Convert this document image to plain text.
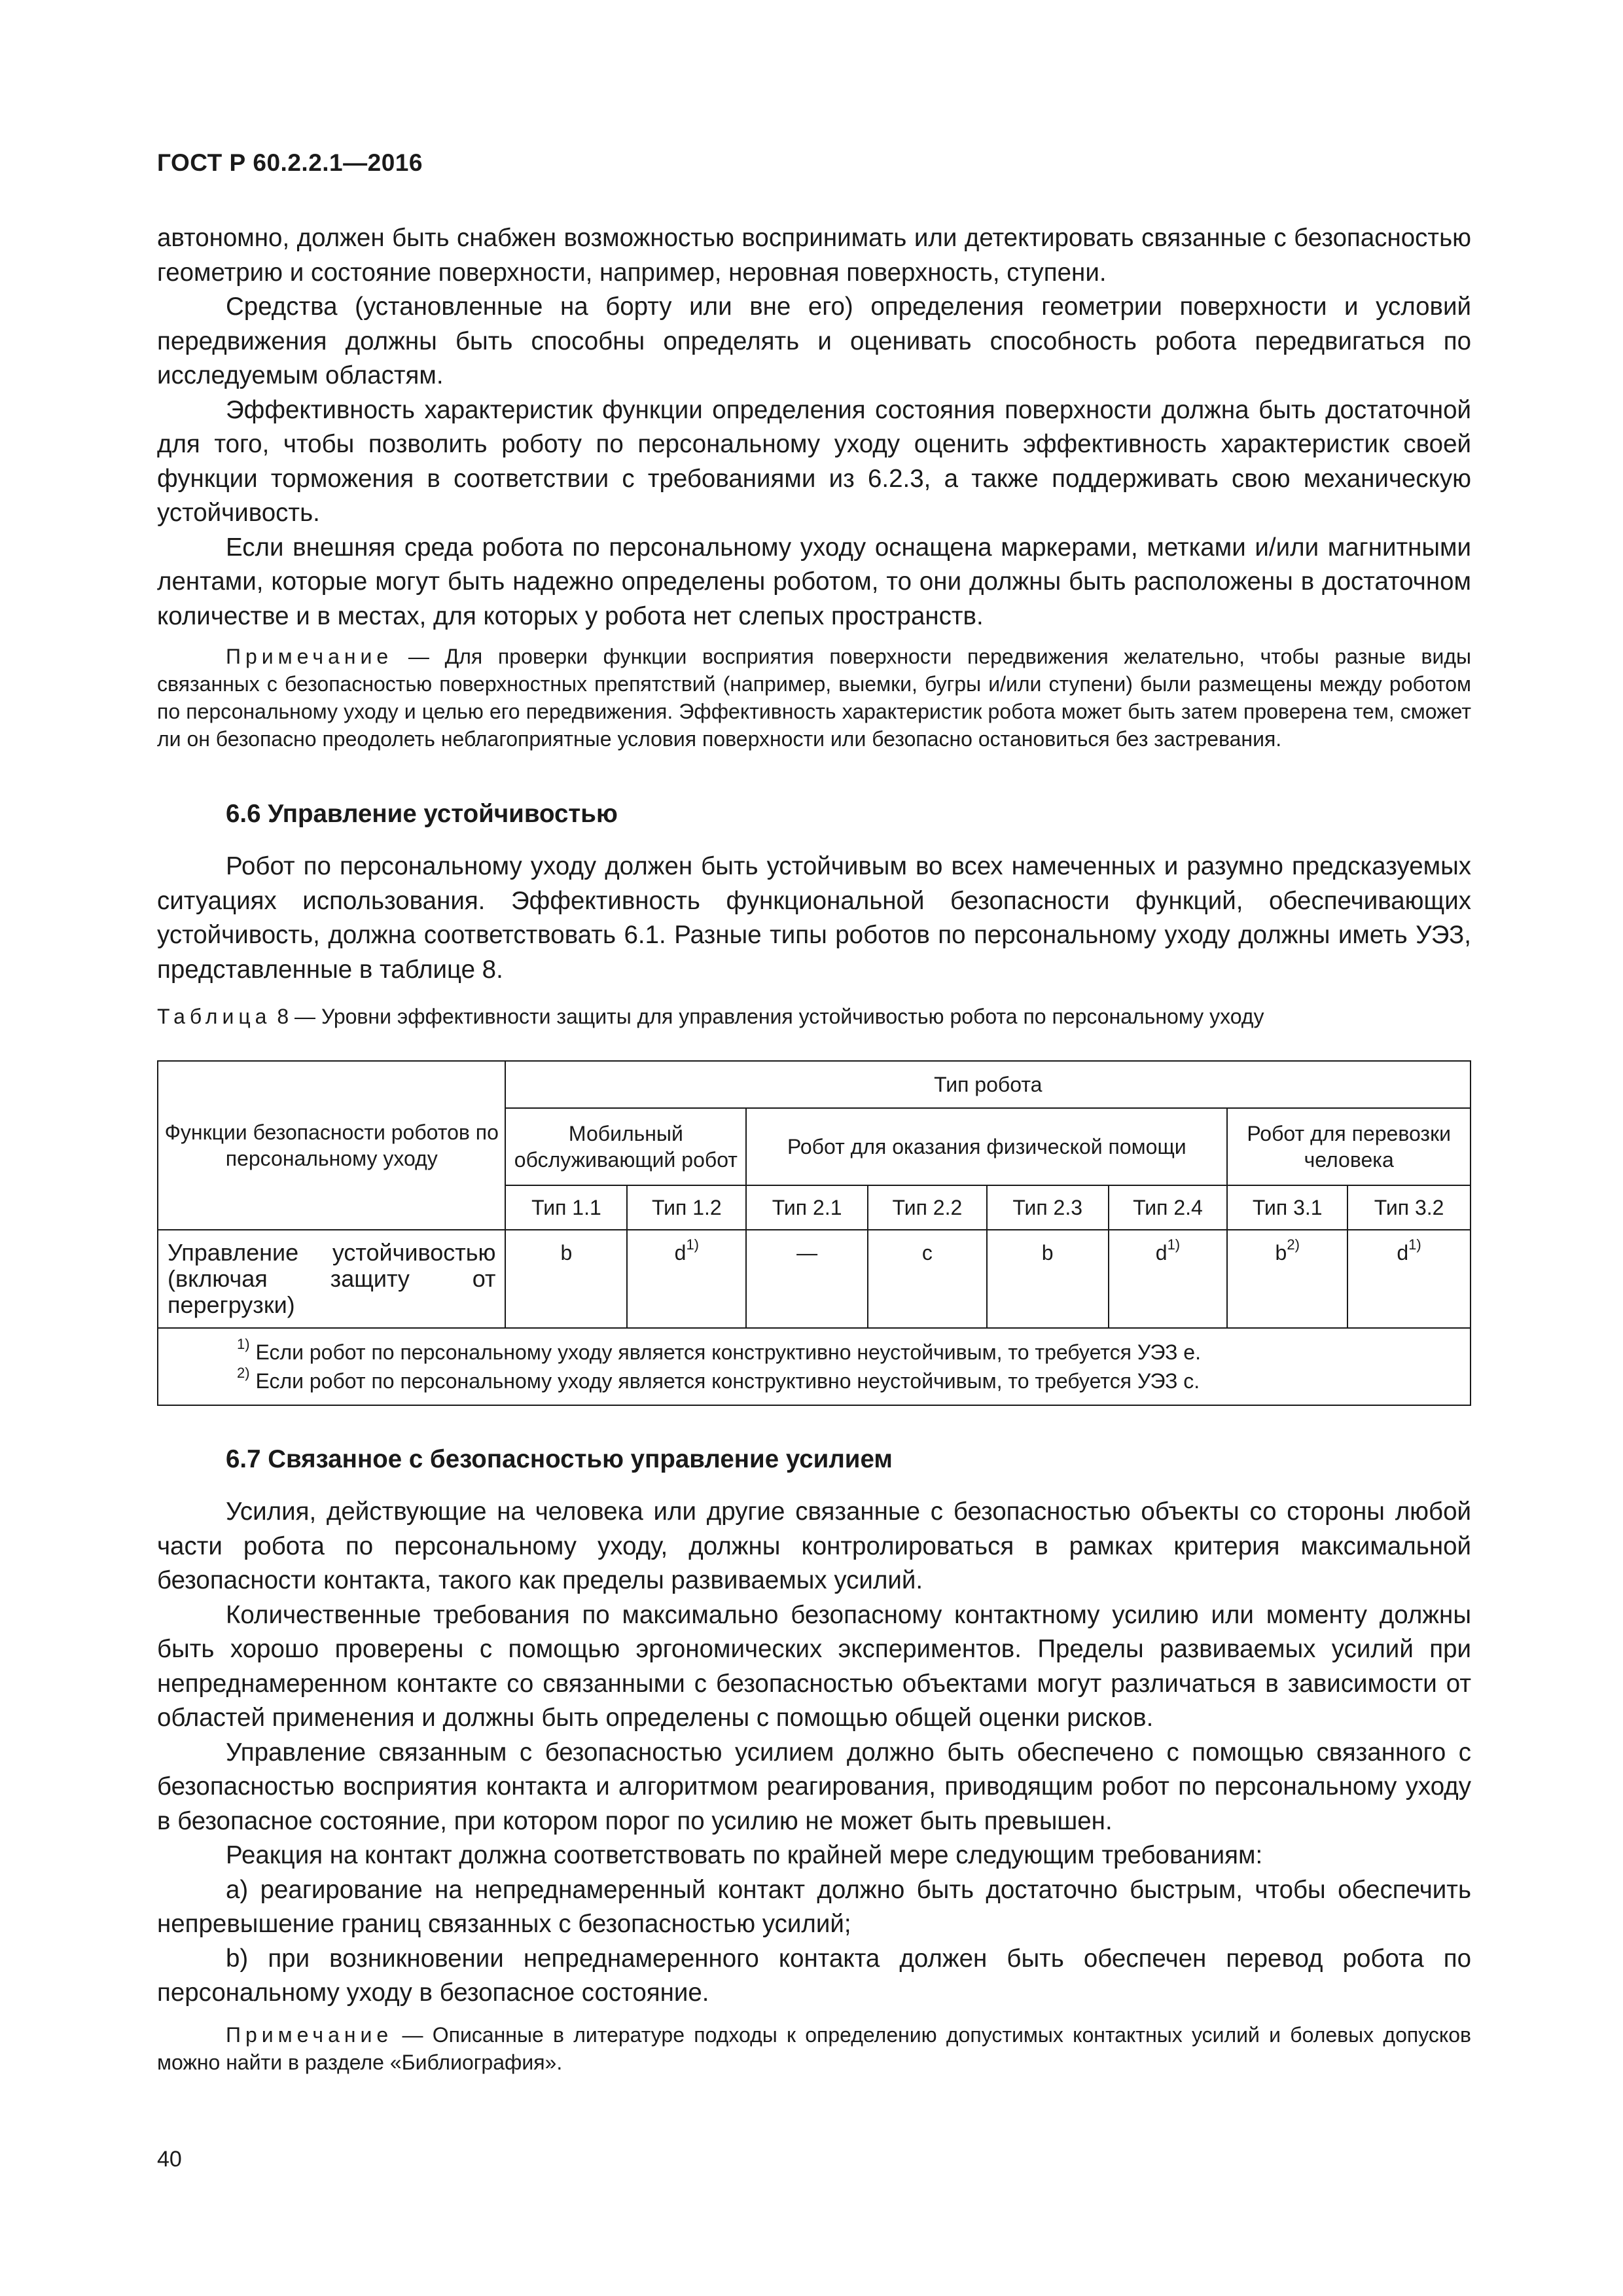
ГОСТ Р 60.2.2.1—2016

автономно, должен быть снабжен возможностью воспринимать или детектировать связанные с безопасностью геометрию и состояние поверхности, например, неровная поверхность, ступени.

Средства (установленные на борту или вне его) определения геометрии поверхности и условий передвижения должны быть способны определять и оценивать способность робота передвигаться по исследуемым областям.

Эффективность характеристик функции определения состояния поверхности должна быть достаточной для того, чтобы позволить роботу по персональному уходу оценить эффективность характеристик своей функции торможения в соответствии с требованиями из 6.2.3, а также поддерживать свою механическую устойчивость.

Если внешняя среда робота по персональному уходу оснащена маркерами, метками и/или магнитными лентами, которые могут быть надежно определены роботом, то они должны быть расположены в достаточном количестве и в местах, для которых у робота нет слепых пространств.

Примечание — Для проверки функции восприятия поверхности передвижения желательно, чтобы разные виды связанных с безопасностью поверхностных препятствий (например, выемки, бугры и/или ступени) были размещены между роботом по персональному уходу и целью его передвижения. Эффективность характеристик робота может быть затем проверена тем, сможет ли он безопасно преодолеть неблагоприятные условия поверхности или безопасно остановиться без застревания.

6.6 Управление устойчивостью

Робот по персональному уходу должен быть устойчивым во всех намеченных и разумно предсказуемых ситуациях использования. Эффективность функциональной безопасности функций, обеспечивающих устойчивость, должна соответствовать 6.1. Разные типы роботов по персональному уходу должны иметь УЭЗ, представленные в таблице 8.

Таблица 8 — Уровни эффективности защиты для управления устойчивостью робота по персональному уходу
Функции безопасности роботов по персональному уходу	Тип робота							
	Мобильный обслуживающий робот		Робот для оказания физической помощи				Робот для перевозки человека	
	Тип 1.1	Тип 1.2	Тип 2.1	Тип 2.2	Тип 2.3	Тип 2.4	Тип 3.1	Тип 3.2
Управление устойчивостью (включая защиту от перегрузки)	b	$d^{1)}$	—	c	b	$d^{1)}$	$b^{2)}$	$d^{1)}$

$^{1)}$ Если робот по персональному уходу является конструктивно неустойчивым, то требуется УЭЗ е.
$^{2)}$ Если робот по персональному уходу является конструктивно неустойчивым, то требуется УЭЗ с.								
6.7 Связанное с безопасностью управление усилием

Усилия, действующие на человека или другие связанные с безопасностью объекты со стороны любой части робота по персональному уходу, должны контролироваться в рамках критерия максимальной безопасности контакта, такого как пределы развиваемых усилий.

Количественные требования по максимально безопасному контактному усилию или моменту должны быть хорошо проверены с помощью эргономических экспериментов. Пределы развиваемых усилий при непреднамеренном контакте со связанными с безопасностью объектами могут различаться в зависимости от областей применения и должны быть определены с помощью общей оценки рисков.

Управление связанным с безопасностью усилием должно быть обеспечено с помощью связанного с безопасностью восприятия контакта и алгоритмом реагирования, приводящим робот по персональному уходу в безопасное состояние, при котором порог по усилию не может быть превышен.

Реакция на контакт должна соответствовать по крайней мере следующим требованиям:

a) реагирование на непреднамеренный контакт должно быть достаточно быстрым, чтобы обеспечить непревышение границ связанных с безопасностью усилий;

b) при возникновении непреднамеренного контакта должен быть обеспечен перевод робота по персональному уходу в безопасное состояние.

Примечание — Описанные в литературе подходы к определению допустимых контактных усилий и болевых допусков можно найти в разделе «Библиография».

40
